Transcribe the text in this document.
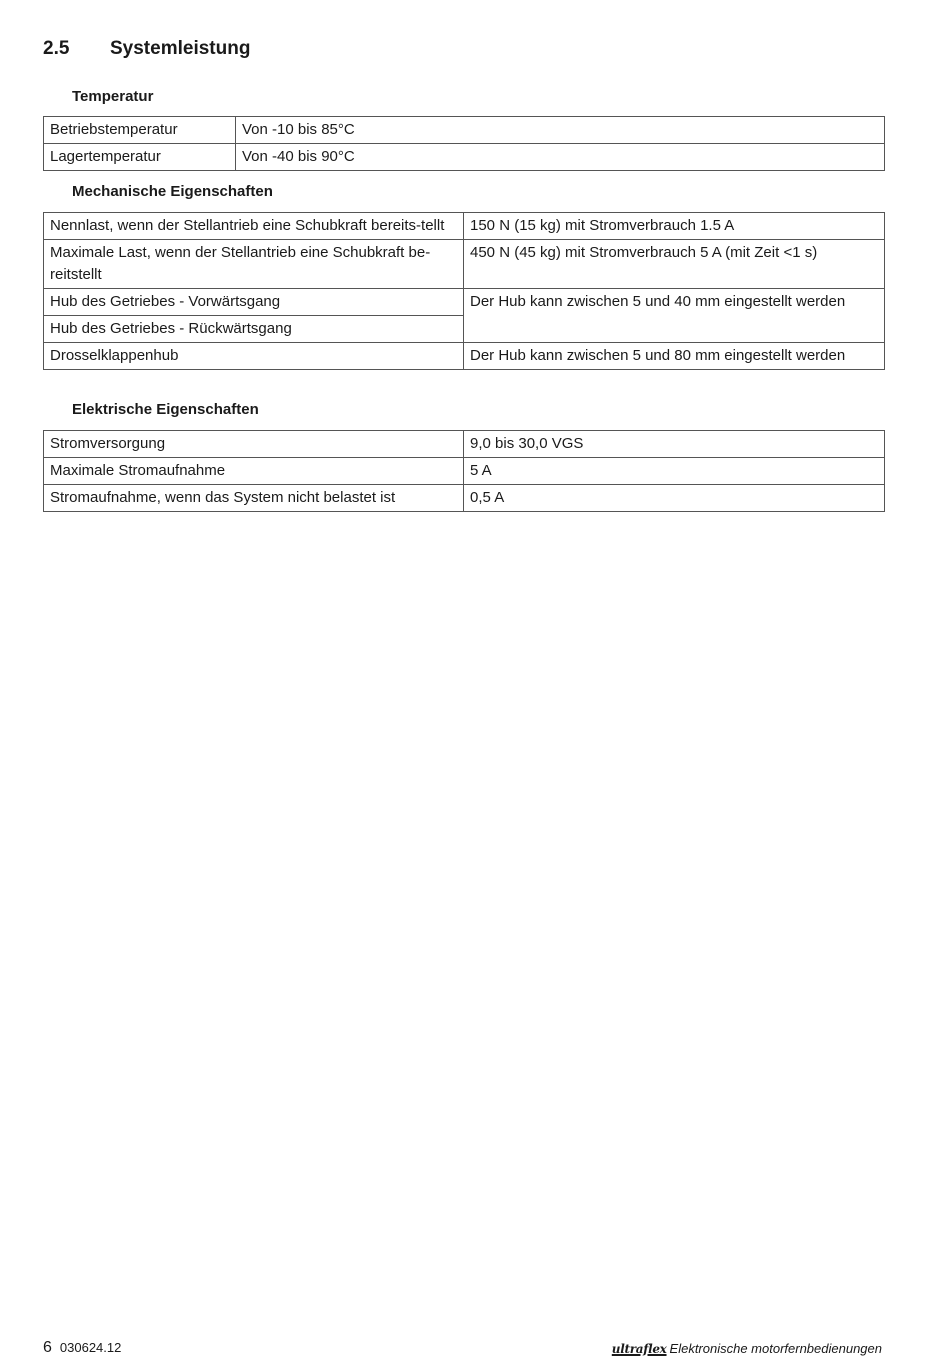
2.5 Systemleistung
Temperatur
Betriebstemperatur	Von -10 bis 85°C
Lagertemperatur	Von -40 bis 90°C
Mechanische Eigenschaften
Nennlast, wenn der Stellantrieb eine Schubkraft bereits-tellt	150 N (15 kg) mit Stromverbrauch 1.5 A
Maximale Last, wenn der Stellantrieb eine Schubkraft be-reitstellt	450 N (45 kg) mit Stromverbrauch 5 A (mit Zeit <1 s)
Hub des Getriebes - Vorwärtsgang	Der Hub kann zwischen 5 und 40 mm eingestellt werden
Hub des Getriebes - Rückwärtsgang	
Drosselklappenhub	Der Hub kann zwischen 5 und 80 mm eingestellt werden
Elektrische Eigenschaften
Stromversorgung	9,0 bis 30,0 VGS
Maximale Stromaufnahme	5 A
Stromaufnahme, wenn das System nicht belastet ist	0,5 A
6 030624.12	ultraflex Elektronische motorfernbedienungen
